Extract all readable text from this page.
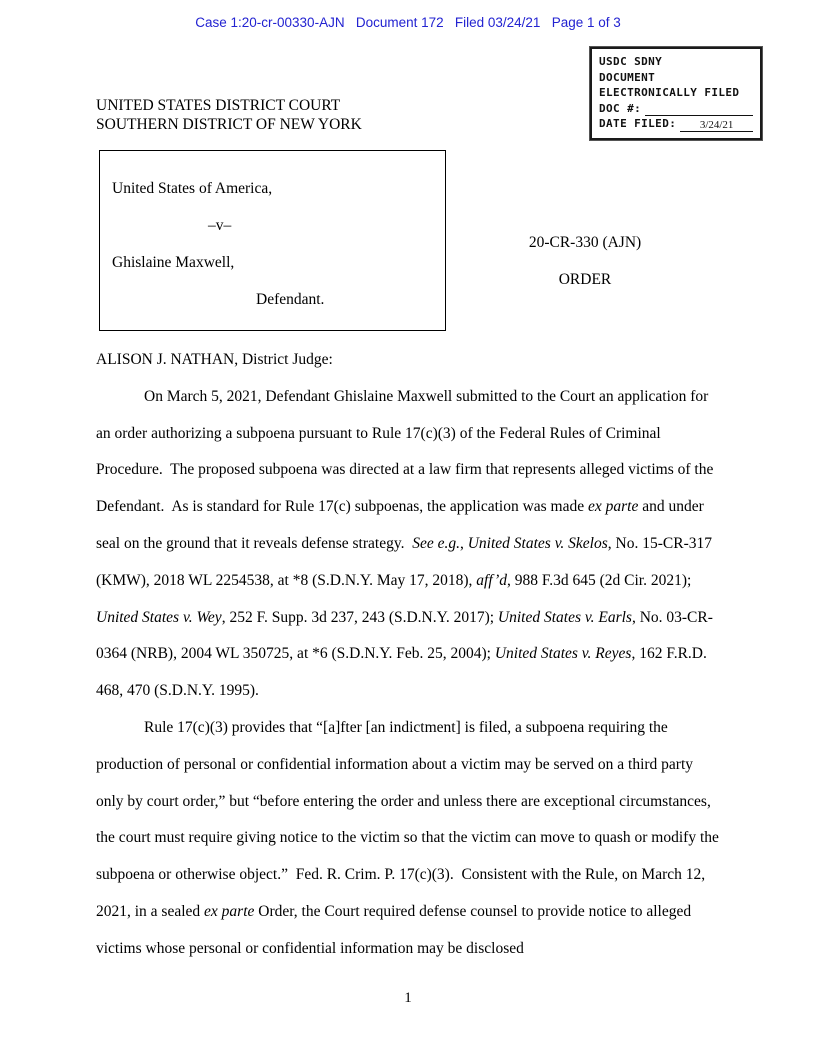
Case 1:20-cr-00330-AJN   Document 172   Filed 03/24/21   Page 1 of 3
USDC SDNY
DOCUMENT
ELECTRONICALLY FILED
DOC #:
DATE FILED:	3/24/21
UNITED STATES DISTRICT COURT
SOUTHERN DISTRICT OF NEW YORK
United States of America,
–v–
Ghislaine Maxwell,
Defendant.
20-CR-330 (AJN)
ORDER
ALISON J. NATHAN, District Judge:

On March 5, 2021, Defendant Ghislaine Maxwell submitted to the Court an application for an order authorizing a subpoena pursuant to Rule 17(c)(3) of the Federal Rules of Criminal Procedure.  The proposed subpoena was directed at a law firm that represents alleged victims of the Defendant.  As is standard for Rule 17(c) subpoenas, the application was made ex parte and under seal on the ground that it reveals defense strategy.  See e.g., United States v. Skelos, No. 15-CR-317 (KMW), 2018 WL 2254538, at *8 (S.D.N.Y. May 17, 2018), aff’d, 988 F.3d 645 (2d Cir. 2021); United States v. Wey, 252 F. Supp. 3d 237, 243 (S.D.N.Y. 2017); United States v. Earls, No. 03-CR-0364 (NRB), 2004 WL 350725, at *6 (S.D.N.Y. Feb. 25, 2004); United States v. Reyes, 162 F.R.D. 468, 470 (S.D.N.Y. 1995).

Rule 17(c)(3) provides that “[a]fter [an indictment] is filed, a subpoena requiring the production of personal or confidential information about a victim may be served on a third party only by court order,” but “before entering the order and unless there are exceptional circumstances, the court must require giving notice to the victim so that the victim can move to quash or modify the subpoena or otherwise object.”  Fed. R. Crim. P. 17(c)(3).  Consistent with the Rule, on March 12, 2021, in a sealed ex parte Order, the Court required defense counsel to provide notice to alleged victims whose personal or confidential information may be disclosed

1
